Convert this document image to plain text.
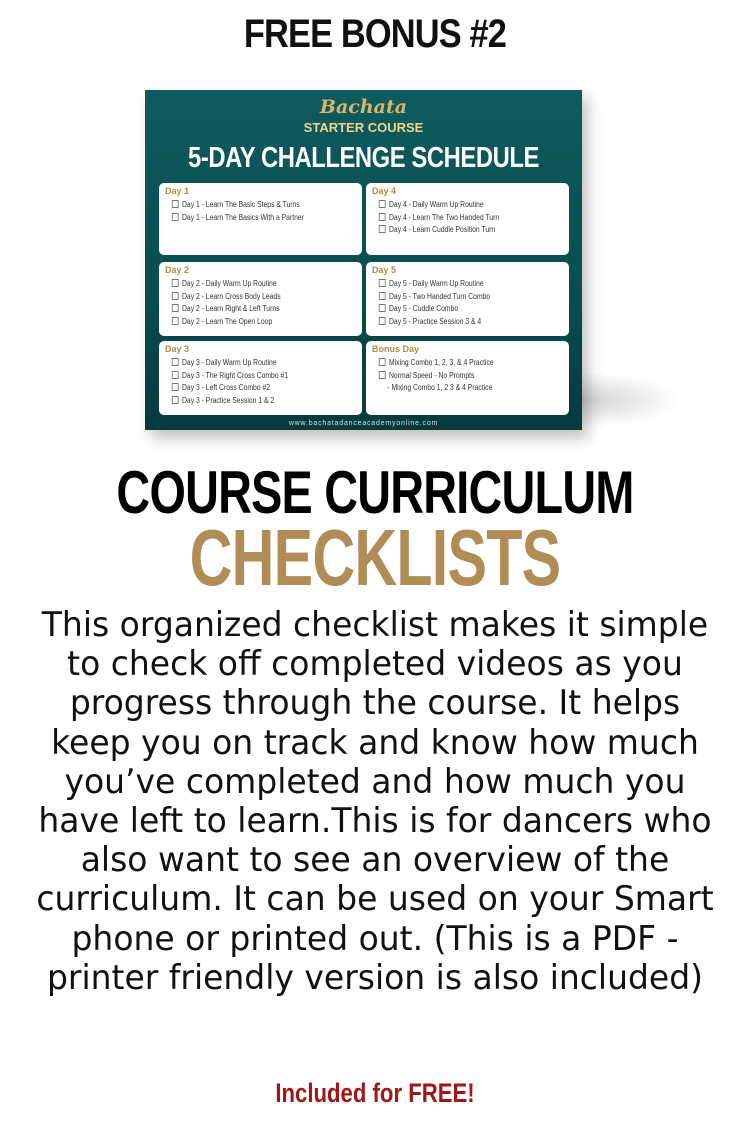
FREE BONUS #2
Bachata
STARTER COURSE
5-DAY CHALLENGE SCHEDULE
Day 1
Day 1 - Learn The Basic Steps & Turns
Day 1 - Learn The Basics With a Partner
Day 4
Day 4 - Daily Warm Up Routine
Day 4 - Learn The Two Handed Turn
Day 4 - Learn Cuddle Position Turn
Day 2
Day 2 - Daily Warm Up Routine
Day 2 - Learn Cross Body Leads
Day 2 - Learn Right & Left Turns
Day 2 - Learn The Open Loop
Day 5
Day 5 - Daily Warm Up Routine
Day 5 - Two Handed Turn Combo
Day 5 - Cuddle Combo
Day 5 - Practice Session 3 & 4
Day 3
Day 3 - Daily Warm Up Routine
Day 3 - The Right Cross Combo #1
Day 3 - Left Cross Combo #2
Day 3 - Practice Session 1 & 2
Bonus Day
Mixing Combo 1, 2, 3, & 4 Practice
Normal Speed - No Prompts
- Mixing Combo 1, 2 3 & 4 Practice
www.bachatadanceacademyonline.com
COURSE CURRICULUM
CHECKLISTS
This organized checklist makes it simple to check off completed videos as you progress through the course. It helps keep you on track and know how much you’ve completed and how much you have left to learn.This is for dancers who also want to see an overview of the curriculum. It can be used on your Smart phone or printed out. (This is a PDF - printer friendly version is also included)
Included for FREE!
